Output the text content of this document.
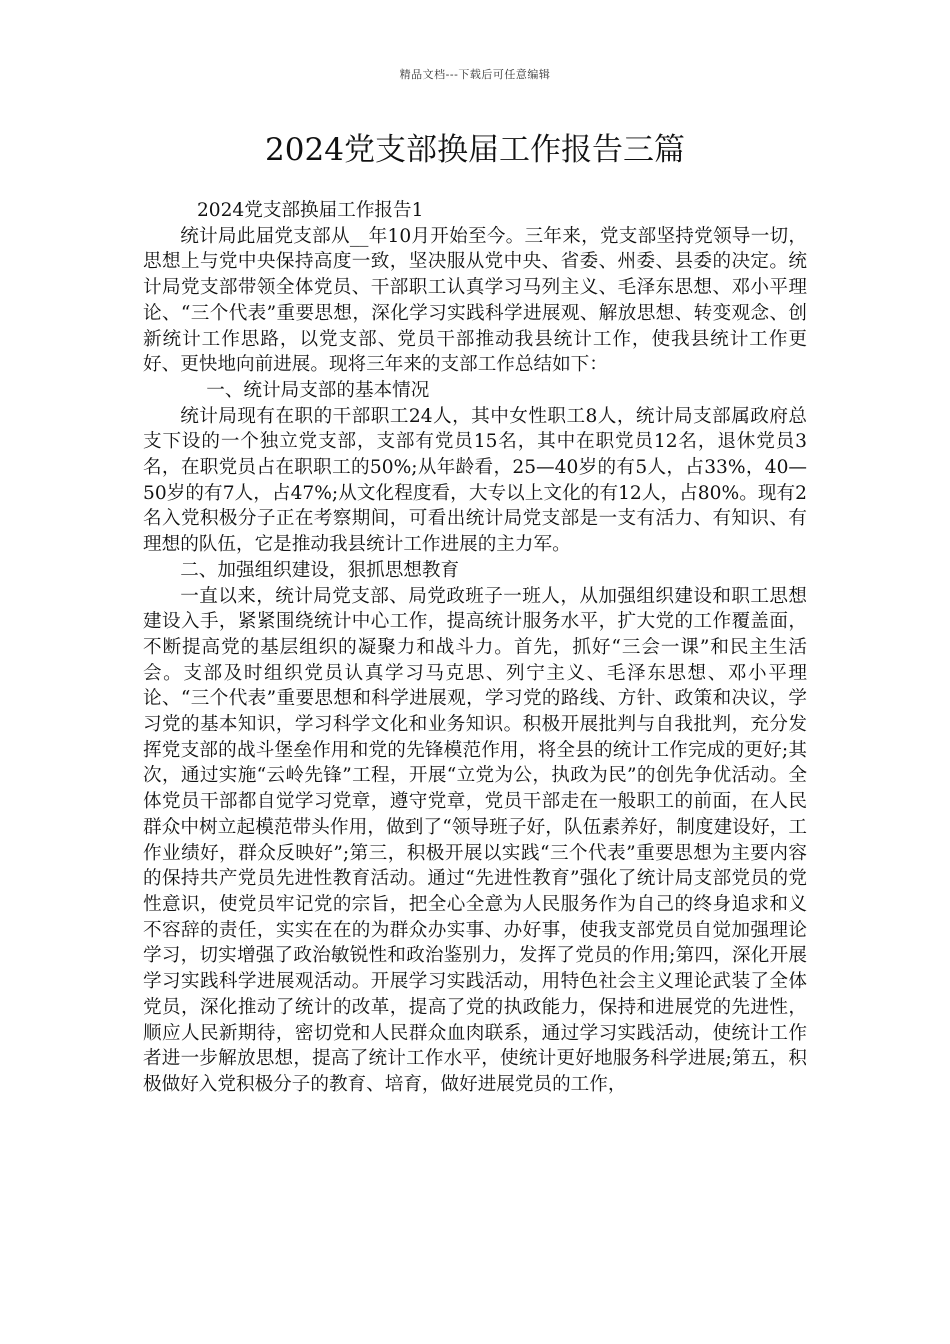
精品文档---下载后可任意编辑
2024党支部换届工作报告三篇

2024党支部换届工作报告1

统计局此届党支部从__年10月开始至今。三年来，党支部坚持党领导一切，思想上与党中央保持高度一致，坚决服从党中央、省委、州委、县委的决定。统计局党支部带领全体党员、干部职工认真学习马列主义、毛泽东思想、邓小平理论、“三个代表”重要思想，深化学习实践科学进展观、解放思想、转变观念、创新统计工作思路，以党支部、党员干部推动我县统计工作，使我县统计工作更好、更快地向前进展。现将三年来的支部工作总结如下：

一、统计局支部的基本情况

统计局现有在职的干部职工24人，其中女性职工8人，统计局支部属政府总支下设的一个独立党支部，支部有党员15名，其中在职党员12名，退休党员3名，在职党员占在职职工的50%;从年龄看，25—40岁的有5人，占33%，40—50岁的有7人，占47%;从文化程度看，大专以上文化的有12人，占80%。现有2名入党积极分子正在考察期间，可看出统计局党支部是一支有活力、有知识、有理想的队伍，它是推动我县统计工作进展的主力军。

二、加强组织建设，狠抓思想教育

一直以来，统计局党支部、局党政班子一班人，从加强组织建设和职工思想建设入手，紧紧围绕统计中心工作，提高统计服务水平，扩大党的工作覆盖面，不断提高党的基层组织的凝聚力和战斗力。首先，抓好“三会一课”和民主生活会。支部及时组织党员认真学习马克思、列宁主义、毛泽东思想、邓小平理论、“三个代表”重要思想和科学进展观，学习党的路线、方针、政策和决议，学习党的基本知识，学习科学文化和业务知识。积极开展批判与自我批判，充分发挥党支部的战斗堡垒作用和党的先锋模范作用，将全县的统计工作完成的更好;其次，通过实施“云岭先锋”工程，开展“立党为公，执政为民”的创先争优活动。全体党员干部都自觉学习党章，遵守党章，党员干部走在一般职工的前面，在人民群众中树立起模范带头作用，做到了“领导班子好，队伍素养好，制度建设好，工作业绩好，群众反映好”;第三，积极开展以实践“三个代表”重要思想为主要内容的保持共产党员先进性教育活动。通过“先进性教育”强化了统计局支部党员的党性意识，使党员牢记党的宗旨，把全心全意为人民服务作为自己的终身追求和义不容辞的责任，实实在在的为群众办实事、办好事，使我支部党员自觉加强理论学习，切实增强了政治敏锐性和政治鉴别力，发挥了党员的作用;第四，深化开展学习实践科学进展观活动。开展学习实践活动，用特色社会主义理论武装了全体党员，深化推动了统计的改革，提高了党的执政能力，保持和进展党的先进性，顺应人民新期待，密切党和人民群众血肉联系，通过学习实践活动，使统计工作者进一步解放思想，提高了统计工作水平，使统计更好地服务科学进展;第五，积极做好入党积极分子的教育、培育，做好进展党员的工作，
